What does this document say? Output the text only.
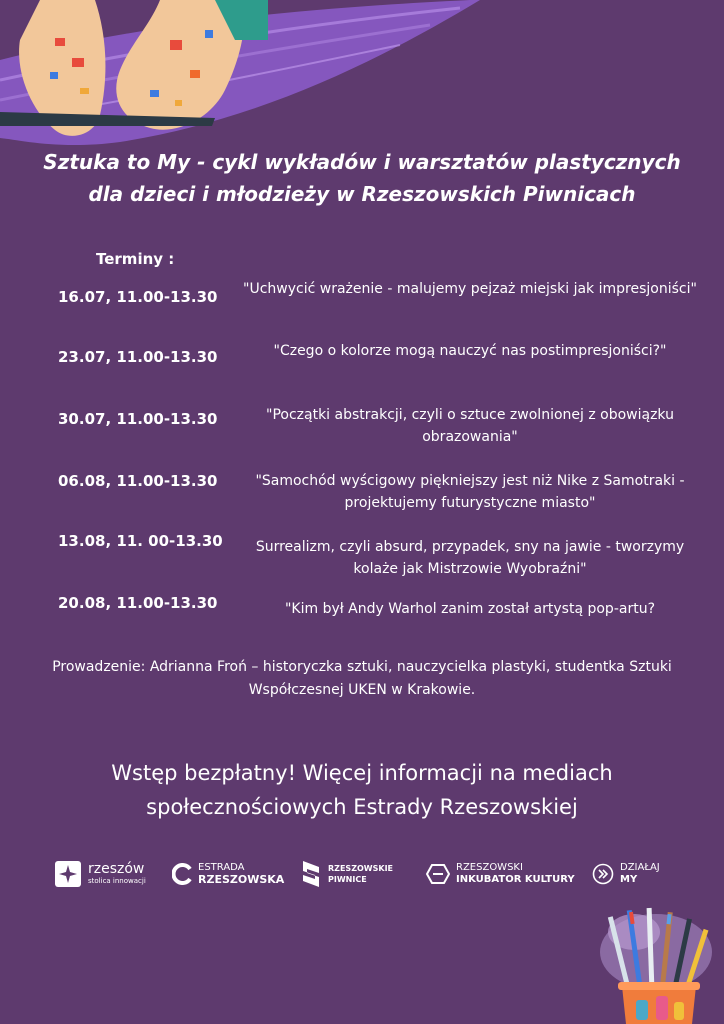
Sztuka to My - cykl wykładów i warsztatów plastycznych dla dzieci i młodzieży w Rzeszowskich Piwnicach
Terminy :
16.07, 11.00-13.30	"Uchwycić wrażenie - malujemy pejzaż miejski jak impresjoniści"
23.07, 11.00-13.30	"Czego o kolorze mogą nauczyć nas postimpresjoniści?"
30.07, 11.00-13.30	"Początki abstrakcji, czyli o sztuce zwolnionej z obowiązku obrazowania"
06.08, 11.00-13.30	"Samochód wyścigowy piękniejszy jest niż Nike z Samotraki - projektujemy futurystyczne miasto"
13.08, 11. 00-13.30	Surrealizm, czyli absurd, przypadek, sny na jawie - tworzymy kolaże jak Mistrzowie Wyobraźni"
20.08, 11.00-13.30	"Kim był Andy Warhol zanim został artystą pop-artu?
Prowadzenie: Adrianna Froń – historyczka sztuki, nauczycielka plastyki, studentka Sztuki Współczesnej UKEN w Krakowie.
Wstęp bezpłatny! Więcej informacji na mediach społecznościowych Estrady Rzeszowskiej
rzeszów
stolica innowacji
ESTRADA
RZESZOWSKA
RZESZOWSKIE
PIWNICE
RZESZOWSKI
INKUBATOR KULTURY
DZIAŁAJ
MY
